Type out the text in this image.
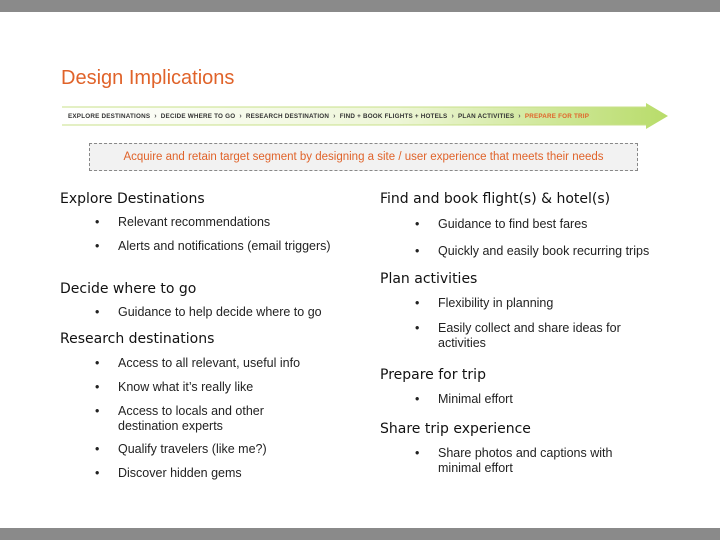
Design Implications
EXPLORE DESTINATIONS › DECIDE WHERE TO GO › RESEARCH DESTINATION › FIND + BOOK FLIGHTS + HOTELS › PLAN ACTIVITIES › PREPARE FOR TRIP
Acquire and retain target segment by designing a site / user experience that meets their needs
Explore Destinations
• Relevant recommendations
• Alerts and notifications (email triggers)
Decide where to go
• Guidance to help decide where to go
Research destinations
• Access to all relevant, useful info
• Know what it’s really like
• Access to locals and other destination experts
• Qualify travelers (like me?)
• Discover hidden gems
Find and book flight(s) & hotel(s)
• Guidance to find best fares
• Quickly and easily book recurring trips
Plan activities
• Flexibility in planning
• Easily collect and share ideas for activities
Prepare for trip
• Minimal effort
Share trip experience
• Share photos and captions with minimal effort
